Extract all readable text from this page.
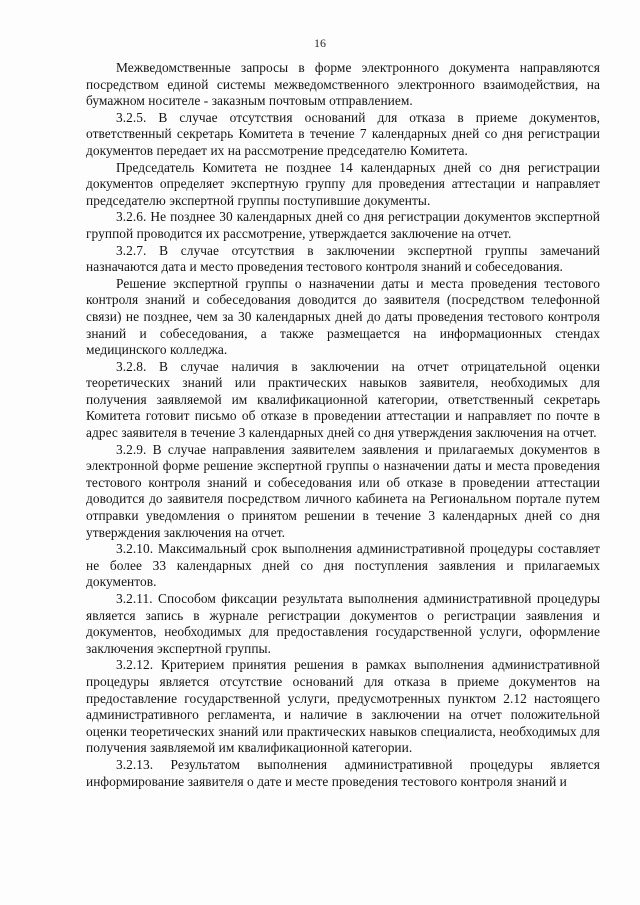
16

Межведомственные запросы в форме электронного документа направляются посредством единой системы межведомственного электронного взаимодействия, на бумажном носителе - заказным почтовым отправлением.

3.2.5. В случае отсутствия оснований для отказа в приеме документов, ответственный секретарь Комитета в течение 7 календарных дней со дня регистрации документов передает их на рассмотрение председателю Комитета.

Председатель Комитета не позднее 14 календарных дней со дня регистрации документов определяет экспертную группу для проведения аттестации и направляет председателю экспертной группы поступившие документы.

3.2.6. Не позднее 30 календарных дней со дня регистрации документов экспертной группой проводится их рассмотрение, утверждается заключение на отчет.

3.2.7. В случае отсутствия в заключении экспертной группы замечаний назначаются дата и место проведения тестового контроля знаний и собеседования.

Решение экспертной группы о назначении даты и места проведения тестового контроля знаний и собеседования доводится до заявителя (посредством телефонной связи) не позднее, чем за 30 календарных дней до даты проведения тестового контроля знаний и собеседования, а также размещается на информационных стендах медицинского колледжа.

3.2.8. В случае наличия в заключении на отчет отрицательной оценки теоретических знаний или практических навыков заявителя, необходимых для получения заявляемой им квалификационной категории, ответственный секретарь Комитета готовит письмо об отказе в проведении аттестации и направляет по почте в адрес заявителя в течение 3 календарных дней со дня утверждения заключения на отчет.

3.2.9. В случае направления заявителем заявления и прилагаемых документов в электронной форме решение экспертной группы о назначении даты и места проведения тестового контроля знаний и собеседования или об отказе в проведении аттестации доводится до заявителя посредством личного кабинета на Региональном портале путем отправки уведомления о принятом решении в течение 3 календарных дней со дня утверждения заключения на отчет.

3.2.10. Максимальный срок выполнения административной процедуры составляет не более 33 календарных дней со дня поступления заявления и прилагаемых документов.

3.2.11. Способом фиксации результата выполнения административной процедуры является запись в журнале регистрации документов о регистрации заявления и документов, необходимых для предоставления государственной услуги, оформление заключения экспертной группы.

3.2.12. Критерием принятия решения в рамках выполнения административной процедуры является отсутствие оснований для отказа в приеме документов на предоставление государственной услуги, предусмотренных пунктом 2.12 настоящего административного регламента, и наличие в заключении на отчет положительной оценки теоретических знаний или практических навыков специалиста, необходимых для получения заявляемой им квалификационной категории.

3.2.13. Результатом выполнения административной процедуры является информирование заявителя о дате и месте проведения тестового контроля знаний и
